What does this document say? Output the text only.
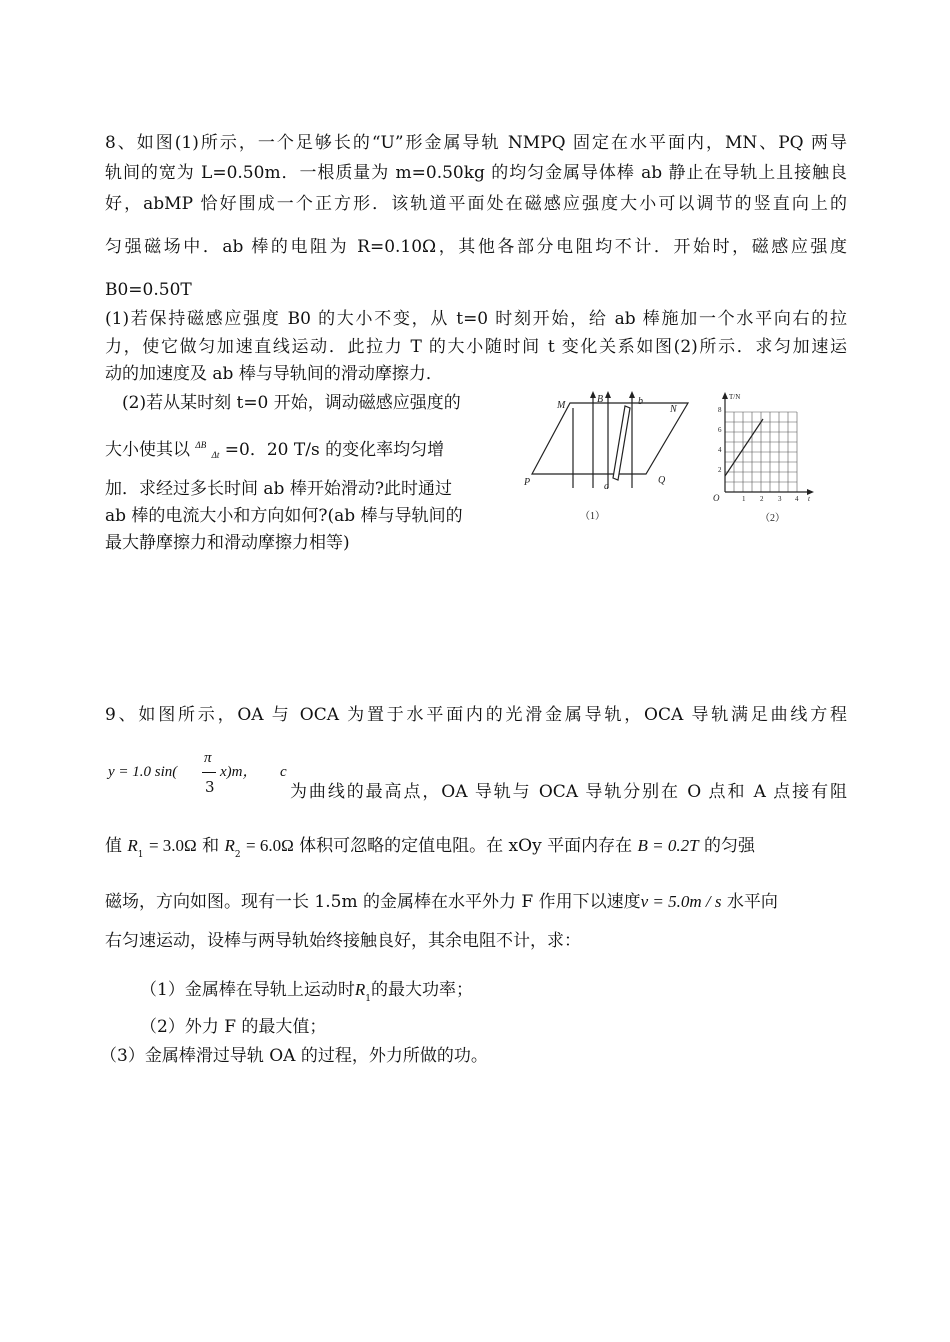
8、如图(1)所示，一个足够长的“U”形金属导轨 NMPQ 固定在水平面内，MN、PQ 两导
轨间的宽为 L=0.50m．一根质量为 m=0.50kg 的均匀金属导体棒 ab 静止在导轨上且接触良
好，abMP 恰好围成一个正方形．该轨道平面处在磁感应强度大小可以调节的竖直向上的
匀强磁场中．ab 棒的电阻为 R=0.10Ω，其他各部分电阻均不计．开始时，磁感应强度
B0=0.50T
(1)若保持磁感应强度 B0 的大小不变，从 t=0 时刻开始，给 ab 棒施加一个水平向右的拉
力，使它做匀加速直线运动．此拉力 T 的大小随时间 t 变化关系如图(2)所示．求匀加速运
动的加速度及 ab 棒与导轨间的滑动摩擦力．
(2)若从某时刻 t=0 开始，调动磁感应强度的
大小使其以 $^{\Delta B}$ Δt =0．20 T/s 的变化率均匀增
加．求经过多长时间 ab 棒开始滑动?此时通过
ab 棒的电流大小和方向如何?(ab 棒与导轨间的
最大静摩擦力和滑动摩擦力相等)
M	N
P	Q
a
b
B
（1）
T/N
8
6
4
2
1 2 3 4 t
O
（2）
9、如图所示，OA 与 OCA 为置于水平面内的光滑金属导轨，OCA 导轨满足曲线方程
y = 1.0 sin(
π
3
x)m， c
为曲线的最高点，OA 导轨与 OCA 导轨分别在 O 点和 A 点接有阻
值 $R_1 = 3.0\Omega$ 和 $R_2 = 6.0\Omega$ 体积可忽略的定值电阻。在 xOy 平面内存在 B = 0.2T 的匀强
磁场，方向如图。现有一长 1.5m 的金属棒在水平外力 F 作用下以速度v = 5.0m / s 水平向
右匀速运动，设棒与两导轨始终接触良好，其余电阻不计，求：
（1）金属棒在导轨上运动时$R_1$的最大功率；
（2）外力 F 的最大值；
（3）金属棒滑过导轨 OA 的过程，外力所做的功。
